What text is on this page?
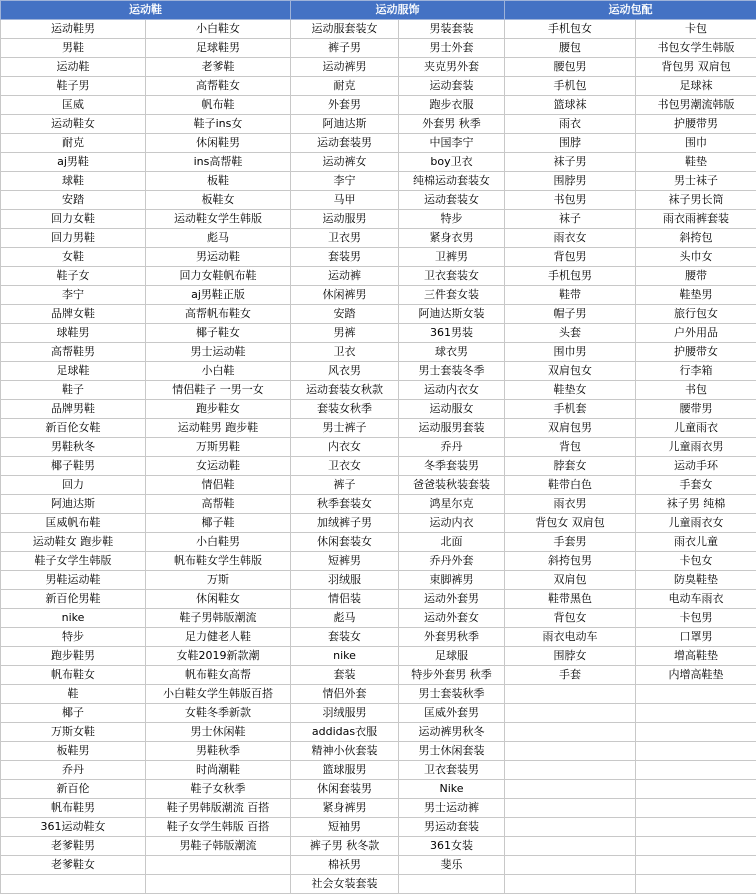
运动鞋		运动服饰		运动包配	
运动鞋男	小白鞋女	运动服套装女	男装套装	手机包女	卡包
男鞋	足球鞋男	裤子男	男士外套	腰包	书包女学生韩版
运动鞋	老爹鞋	运动裤男	夹克男外套	腰包男	背包男 双肩包
鞋子男	高帮鞋女	耐克	运动套装	手机包	足球袜
匡威	帆布鞋	外套男	跑步衣服	篮球袜	书包男潮流韩版
运动鞋女	鞋子ins女	阿迪达斯	外套男 秋季	雨衣	护腰带男
耐克	休闲鞋男	运动套装男	中国李宁	围脖	围巾
aj男鞋	ins高帮鞋	运动裤女	boy卫衣	袜子男	鞋垫
球鞋	板鞋	李宁	纯棉运动套装女	围脖男	男士袜子
安踏	板鞋女	马甲	运动套装女	书包男	袜子男长筒
回力女鞋	运动鞋女学生韩版	运动服男	特步	袜子	雨衣雨裤套装
回力男鞋	彪马	卫衣男	紧身衣男	雨衣女	斜挎包
女鞋	男运动鞋	套装男	卫裤男	背包男	头巾女
鞋子女	回力女鞋帆布鞋	运动裤	卫衣套装女	手机包男	腰带
李宁	aj男鞋正版	休闲裤男	三件套女装	鞋带	鞋垫男
品牌女鞋	高帮帆布鞋女	安踏	阿迪达斯女装	帽子男	旅行包女
球鞋男	椰子鞋女	男裤	361男装	头套	户外用品
高帮鞋男	男士运动鞋	卫衣	球衣男	围巾男	护腰带女
足球鞋	小白鞋	风衣男	男士套装冬季	双肩包女	行李箱
鞋子	情侣鞋子 一男一女	运动套装女秋款	运动内衣女	鞋垫女	书包
品牌男鞋	跑步鞋女	套装女秋季	运动服女	手机套	腰带男
新百伦女鞋	运动鞋男 跑步鞋	男士裤子	运动服男套装	双肩包男	儿童雨衣
男鞋秋冬	万斯男鞋	内衣女	乔丹	背包	儿童雨衣男
椰子鞋男	女运动鞋	卫衣女	冬季套装男	脖套女	运动手环
回力	情侣鞋	裤子	爸爸装秋装套装	鞋带白色	手套女
阿迪达斯	高帮鞋	秋季套装女	鸿星尔克	雨衣男	袜子男 纯棉
匡威帆布鞋	椰子鞋	加绒裤子男	运动内衣	背包女 双肩包	儿童雨衣女
运动鞋女 跑步鞋	小白鞋男	休闲套装女	北面	手套男	雨衣儿童
鞋子女学生韩版	帆布鞋女学生韩版	短裤男	乔丹外套	斜挎包男	卡包女
男鞋运动鞋	万斯	羽绒服	束脚裤男	双肩包	防臭鞋垫
新百伦男鞋	休闲鞋女	情侣装	运动外套男	鞋带黑色	电动车雨衣
nike	鞋子男韩版潮流	彪马	运动外套女	背包女	卡包男
特步	足力健老人鞋	套装女	外套男秋季	雨衣电动车	口罩男
跑步鞋男	女鞋2019新款潮	nike	足球服	围脖女	增高鞋垫
帆布鞋女	帆布鞋女高帮	套装	特步外套男 秋季	手套	内增高鞋垫
鞋	小白鞋女学生韩版百搭	情侣外套	男士套装秋季		
椰子	女鞋冬季新款	羽绒服男	匡威外套男		
万斯女鞋	男士休闲鞋	addidas衣服	运动裤男秋冬		
板鞋男	男鞋秋季	精神小伙套装	男士休闲套装		
乔丹	时尚潮鞋	篮球服男	卫衣套装男		
新百伦	鞋子女秋季	休闲套装男	Nike		
帆布鞋男	鞋子男韩版潮流 百搭	紧身裤男	男士运动裤		
361运动鞋女	鞋子女学生韩版 百搭	短袖男	男运动套装		
老爹鞋男	男鞋子韩版潮流	裤子男 秋冬款	361女装		
老爹鞋女		棉袄男	斐乐		
		社会女装套装			
